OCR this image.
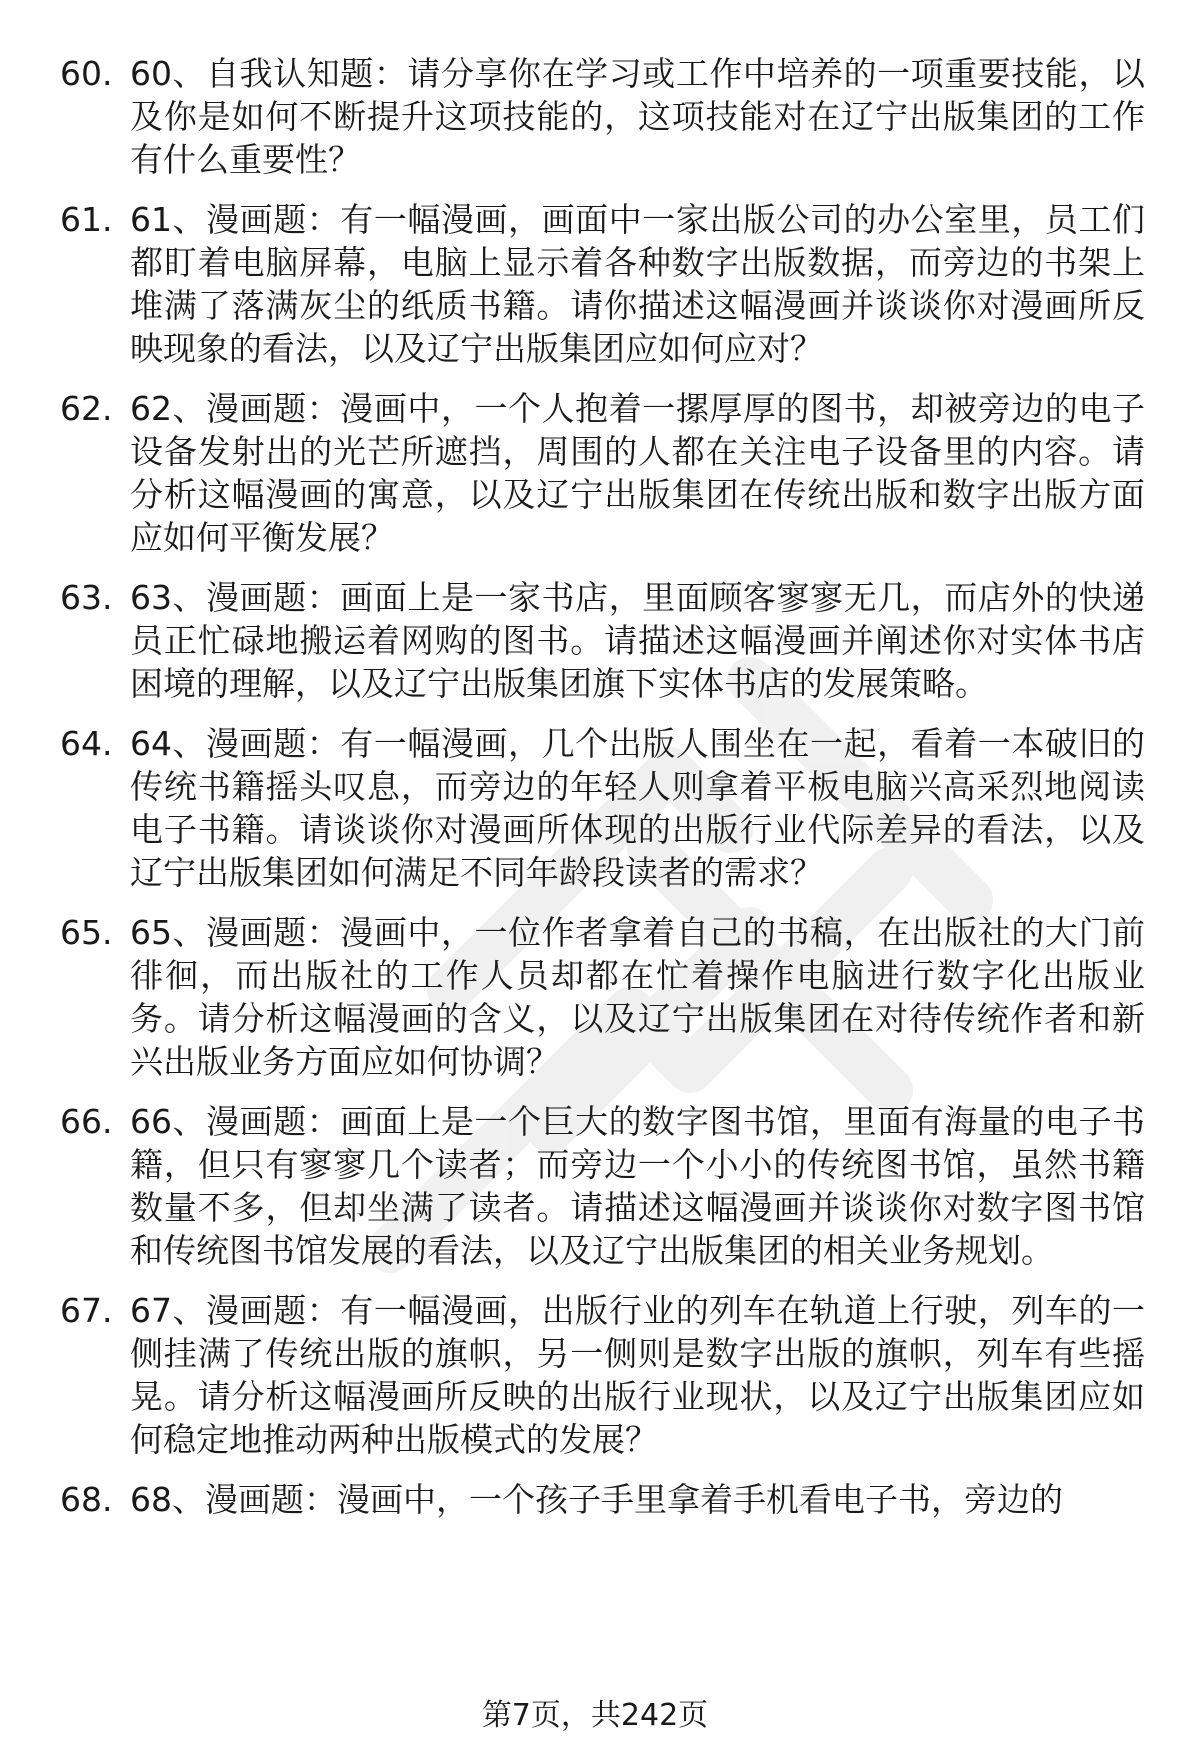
60. 60、自我认知题：请分享你在学习或工作中培养的一项重要技能，以及你是如何不断提升这项技能的，这项技能对在辽宁出版集团的工作有什么重要性？
61. 61、漫画题：有一幅漫画，画面中一家出版公司的办公室里，员工们都盯着电脑屏幕，电脑上显示着各种数字出版数据，而旁边的书架上堆满了落满灰尘的纸质书籍。请你描述这幅漫画并谈谈你对漫画所反映现象的看法，以及辽宁出版集团应如何应对？
62. 62、漫画题：漫画中，一个人抱着一摞厚厚的图书，却被旁边的电子设备发射出的光芒所遮挡，周围的人都在关注电子设备里的内容。请分析这幅漫画的寓意，以及辽宁出版集团在传统出版和数字出版方面应如何平衡发展？
63. 63、漫画题：画面上是一家书店，里面顾客寥寥无几，而店外的快递员正忙碌地搬运着网购的图书。请描述这幅漫画并阐述你对实体书店困境的理解，以及辽宁出版集团旗下实体书店的发展策略。
64. 64、漫画题：有一幅漫画，几个出版人围坐在一起，看着一本破旧的传统书籍摇头叹息，而旁边的年轻人则拿着平板电脑兴高采烈地阅读电子书籍。请谈谈你对漫画所体现的出版行业代际差异的看法，以及辽宁出版集团如何满足不同年龄段读者的需求？
65. 65、漫画题：漫画中，一位作者拿着自己的书稿，在出版社的大门前徘徊，而出版社的工作人员却都在忙着操作电脑进行数字化出版业务。请分析这幅漫画的含义，以及辽宁出版集团在对待传统作者和新兴出版业务方面应如何协调？
66. 66、漫画题：画面上是一个巨大的数字图书馆，里面有海量的电子书籍，但只有寥寥几个读者；而旁边一个小小的传统图书馆，虽然书籍数量不多，但却坐满了读者。请描述这幅漫画并谈谈你对数字图书馆和传统图书馆发展的看法，以及辽宁出版集团的相关业务规划。
67. 67、漫画题：有一幅漫画，出版行业的列车在轨道上行驶，列车的一侧挂满了传统出版的旗帜，另一侧则是数字出版的旗帜，列车有些摇晃。请分析这幅漫画所反映的出版行业现状，以及辽宁出版集团应如何稳定地推动两种出版模式的发展？
68. 68、漫画题：漫画中，一个孩子手里拿着手机看电子书，旁边的
第7页，共242页
